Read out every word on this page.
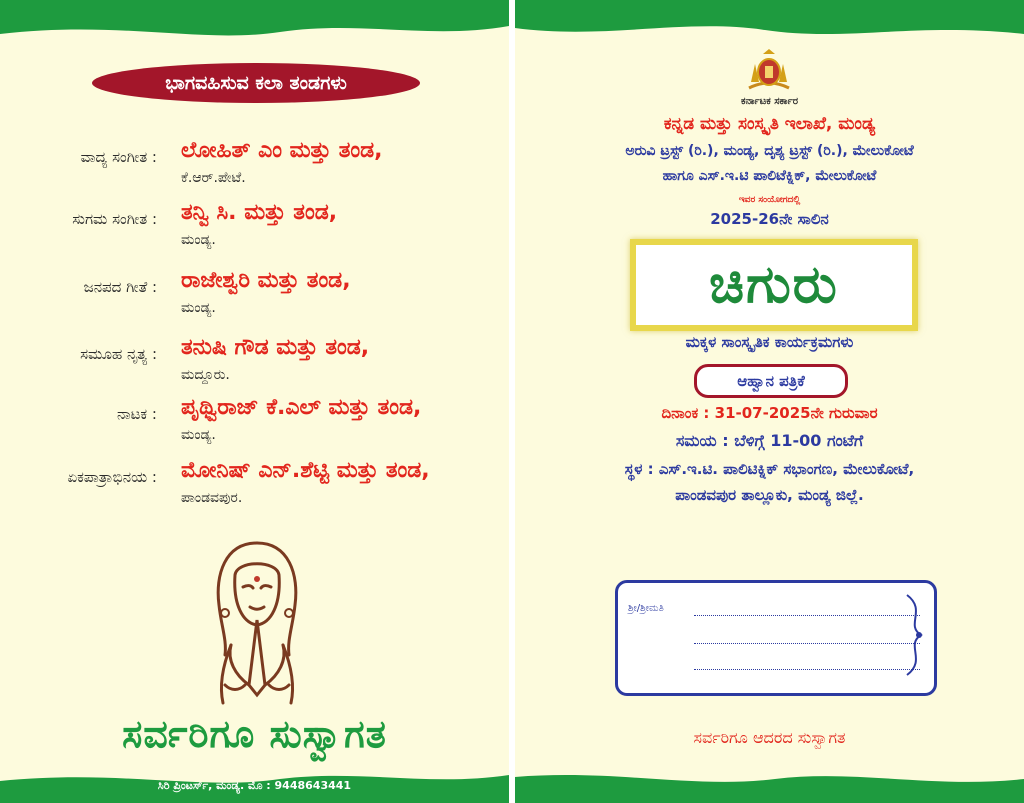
ಭಾಗವಹಿಸುವ ಕಲಾ ತಂಡಗಳು
ವಾದ್ಯ ಸಂಗೀತ : ಲೋಹಿತ್ ಎಂ ಮತ್ತು ತಂಡ,
ಕೆ.ಆರ್.ಪೇಟೆ.
ಸುಗಮ ಸಂಗೀತ : ತನ್ವಿ ಸಿ. ಮತ್ತು ತಂಡ,
ಮಂಡ್ಯ.
ಜನಪದ ಗೀತೆ : ರಾಜೇಶ್ವರಿ ಮತ್ತು ತಂಡ,
ಮಂಡ್ಯ.
ಸಮೂಹ ನೃತ್ಯ : ತನುಷಿ ಗೌಡ ಮತ್ತು ತಂಡ,
ಮದ್ದೂರು.
ನಾಟಕ : ಪೃಥ್ವಿರಾಜ್ ಕೆ.ಎಲ್ ಮತ್ತು ತಂಡ,
ಮಂಡ್ಯ.
ಏಕಪಾತ್ರಾಭಿನಯ : ಮೋನಿಷ್ ಎನ್.ಶೆಟ್ಟಿ ಮತ್ತು ತಂಡ,
ಪಾಂಡವಪುರ.
ಸರ್ವರಿಗೂ ಸುಸ್ವಾಗತ
ಸಿರಿ ಪ್ರಿಂಟರ್ಸ್, ಮಂಡ್ಯ. ಮೊ : 9448643441
ಕರ್ನಾಟಕ ಸರ್ಕಾರ
ಕನ್ನಡ ಮತ್ತು ಸಂಸ್ಕೃತಿ ಇಲಾಖೆ, ಮಂಡ್ಯ
ಅರುವಿ ಟ್ರಸ್ಟ್ (ರಿ.), ಮಂಡ್ಯ, ದೃಶ್ಯ ಟ್ರಸ್ಟ್ (ರಿ.), ಮೇಲುಕೋಟೆ
ಹಾಗೂ ಎಸ್.ಇ.ಟಿ ಪಾಲಿಟೆಕ್ನಿಕ್, ಮೇಲುಕೋಟೆ
ಇವರ ಸಂಯೋಗದಲ್ಲಿ
2025-26ನೇ ಸಾಲಿನ
ಚಿಗುರು
ಮಕ್ಕಳ ಸಾಂಸ್ಕೃತಿಕ ಕಾರ್ಯಕ್ರಮಗಳು
ಆಹ್ವಾನ ಪತ್ರಿಕೆ
ದಿನಾಂಕ : 31-07-2025ನೇ ಗುರುವಾರ
ಸಮಯ : ಬೆಳಿಗ್ಗೆ 11-00 ಗಂಟೆಗೆ
ಸ್ಥಳ : ಎಸ್.ಇ.ಟಿ. ಪಾಲಿಟಿಕ್ನಿಕ್ ಸಭಾಂಗಣ, ಮೇಲುಕೋಟೆ,
ಪಾಂಡವಪುರ ತಾಲ್ಲೂಕು, ಮಂಡ್ಯ ಜಿಲ್ಲೆ.
ಶ್ರೀ/ಶ್ರೀಮತಿ
ಸರ್ವರಿಗೂ ಆದರದ ಸುಸ್ವಾಗತ
